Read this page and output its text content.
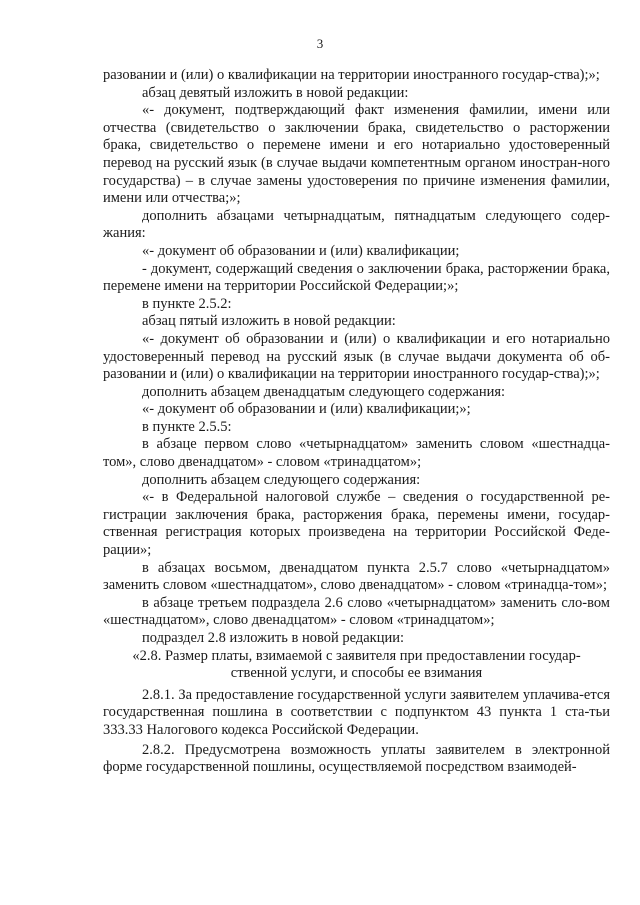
3

разовании и (или) о квалификации на территории иностранного государ-ства);»;

абзац девятый изложить в новой редакции:

«- документ, подтверждающий факт изменения фамилии, имени или отчества (свидетельство о заключении брака, свидетельство о расторжении брака, свидетельство о перемене имени и его нотариально удостоверенный перевод на русский язык (в случае выдачи компетентным органом иностран-ного государства) – в случае замены удостоверения по причине изменения фамилии, имени или отчества;»;

дополнить абзацами четырнадцатым, пятнадцатым следующего содер-жания:

«- документ об образовании и (или) квалификации;

- документ, содержащий сведения о заключении брака, расторжении брака, перемене имени на территории Российской Федерации;»;

в пункте 2.5.2:

абзац пятый изложить в новой редакции:

«- документ об образовании и (или) о квалификации и его нотариально удостоверенный перевод на русский язык (в случае выдачи документа об об-разовании и (или) о квалификации на территории иностранного государ-ства);»;

дополнить абзацем двенадцатым следующего содержания:

«- документ об образовании и (или) квалификации;»;

в пункте 2.5.5:

в абзаце первом слово «четырнадцатом» заменить словом «шестнадца-том», слово двенадцатом» - словом «тринадцатом»;

дополнить абзацем следующего содержания:

«- в Федеральной налоговой службе – сведения о государственной ре-гистрации заключения брака, расторжения брака, перемены имени, государ-ственная регистрация которых произведена на территории Российской Феде-рации»;

в абзацах восьмом, двенадцатом пункта 2.5.7 слово «четырнадцатом» заменить словом «шестнадцатом», слово двенадцатом» - словом «тринадца-том»;

в абзаце третьем подраздела 2.6 слово «четырнадцатом» заменить сло-вом «шестнадцатом», слово двенадцатом» - словом «тринадцатом»;

подраздел 2.8 изложить в новой редакции:

«2.8. Размер платы, взимаемой с заявителя при предоставлении государ-

ственной услуги, и способы ее взимания

2.8.1. За предоставление государственной услуги заявителем уплачива-ется государственная пошлина в соответствии с подпунктом 43 пункта 1 ста-тьи 333.33 Налогового кодекса Российской Федерации.

2.8.2. Предусмотрена возможность уплаты заявителем в электронной форме государственной пошлины, осуществляемой посредством взаимодей-
